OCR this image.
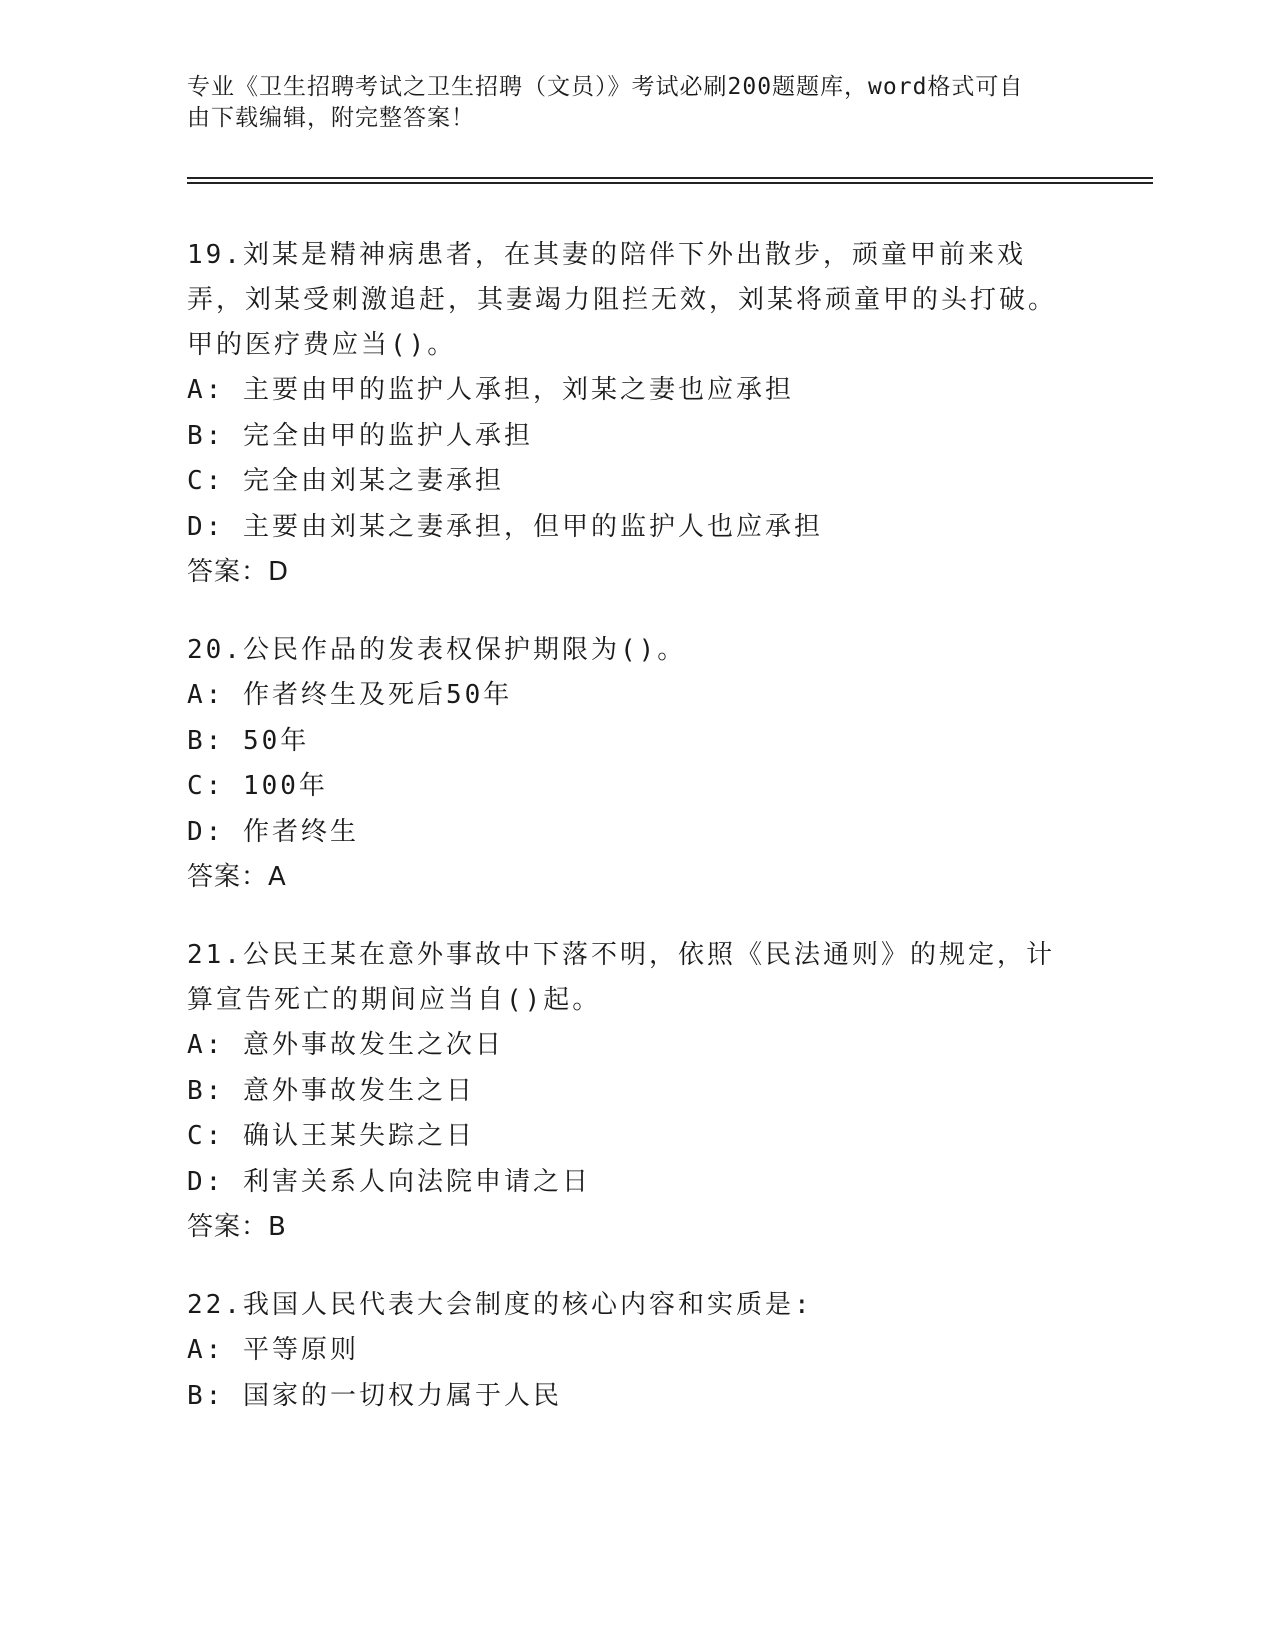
专业《卫生招聘考试之卫生招聘（文员）》考试必刷200题题库，word格式可自

由下载编辑，附完整答案！

19.刘某是精神病患者，在其妻的陪伴下外出散步，顽童甲前来戏弄，刘某受刺激追赶，其妻竭力阻拦无效，刘某将顽童甲的头打破。甲的医疗费应当()。
A: 主要由甲的监护人承担，刘某之妻也应承担
B: 完全由甲的监护人承担
C: 完全由刘某之妻承担
D: 主要由刘某之妻承担，但甲的监护人也应承担
答案：D
20.公民作品的发表权保护期限为()。
A: 作者终生及死后50年
B: 50年
C: 100年
D: 作者终生
答案：A
21.公民王某在意外事故中下落不明，依照《民法通则》的规定，计算宣告死亡的期间应当自()起。
A: 意外事故发生之次日
B: 意外事故发生之日
C: 确认王某失踪之日
D: 利害关系人向法院申请之日
答案：B
22.我国人民代表大会制度的核心内容和实质是:
A: 平等原则
B: 国家的一切权力属于人民
